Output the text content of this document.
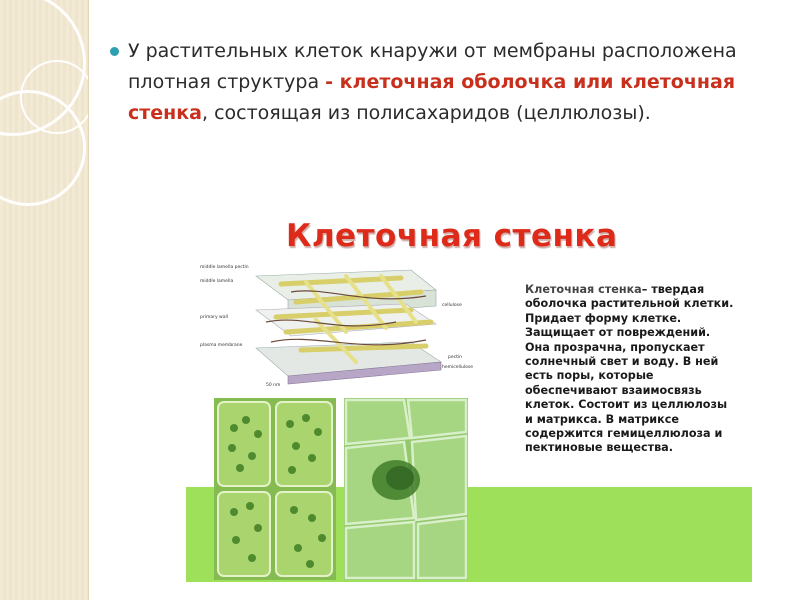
У растительных клеток кнаружи от мембраны расположена плотная структура - клеточная оболочка или клеточная стенка, состоящая из полисахаридов (целлюлозы).

Клеточная стенка
middle lamella pectin
middle lamella
primary wall
plasma membrane
cellulose
pectin
hemicellulose
50 nm
Клеточная стенка– твердая оболочка растительной клетки. Придает форму клетке. Защищает от повреждений. Она прозрачна, пропускает солнечный свет и воду. В ней есть поры, которые обеспечивают взаимосвязь клеток. Состоит из целлюлозы и матрикса. В матриксе содержится гемицеллюлоза и пектиновые вещества.
